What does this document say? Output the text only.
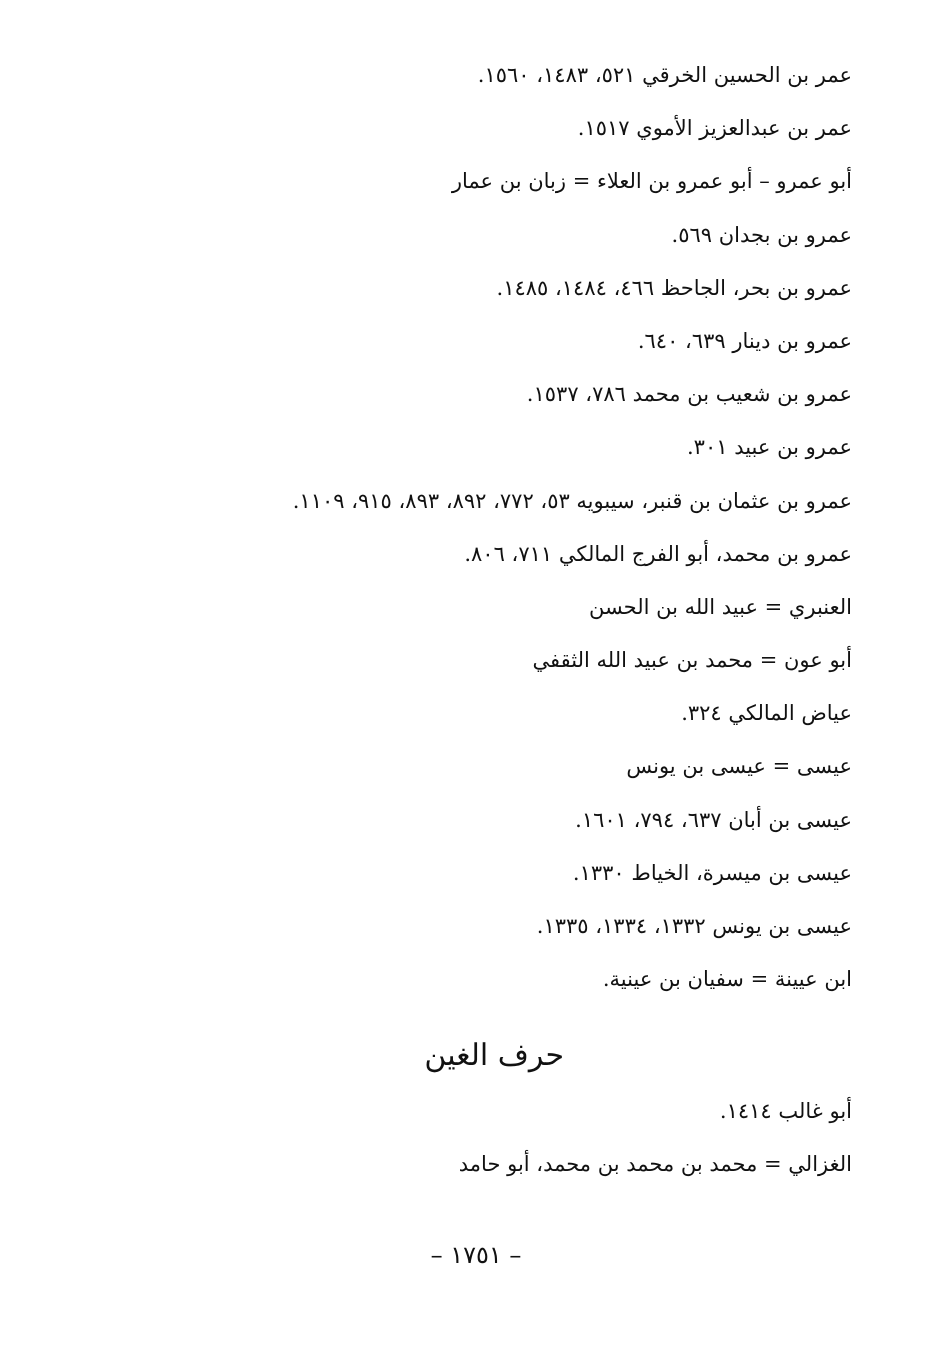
عمر بن الحسين الخرقي ٥٢١، ١٤٨٣، ١٥٦٠.
عمر بن عبدالعزيز الأموي ١٥١٧.
أبو عمرو – أبو عمرو بن العلاء = زبان بن عمار
عمرو بن بجدان ٥٦٩.
عمرو بن بحر، الجاحظ ٤٦٦، ١٤٨٤، ١٤٨٥.
عمرو بن دينار ٦٣٩، ٦٤٠.
عمرو بن شعيب بن محمد ٧٨٦، ١٥٣٧.
عمرو بن عبيد ٣٠١.
عمرو بن عثمان بن قنبر، سيبويه ٥٣، ٧٧٢، ٨٩٢، ٨٩٣، ٩١٥، ١١٠٩.
عمرو بن محمد، أبو الفرج المالكي ٧١١، ٨٠٦.
العنبري = عبيد الله بن الحسن
أبو عون = محمد بن عبيد الله الثقفي
عياض المالكي ٣٢٤.
عيسى = عيسى بن يونس
عيسى بن أبان ٦٣٧، ٧٩٤، ١٦٠١.
عيسى بن ميسرة، الخياط ١٣٣٠.
عيسى بن يونس ١٣٣٢، ١٣٣٤، ١٣٣٥.
ابن عيينة = سفيان بن عينية.
حرف الغين
أبو غالب ١٤١٤.
الغزالي = محمد بن محمد بن محمد، أبو حامد
– ١٧٥١ –
